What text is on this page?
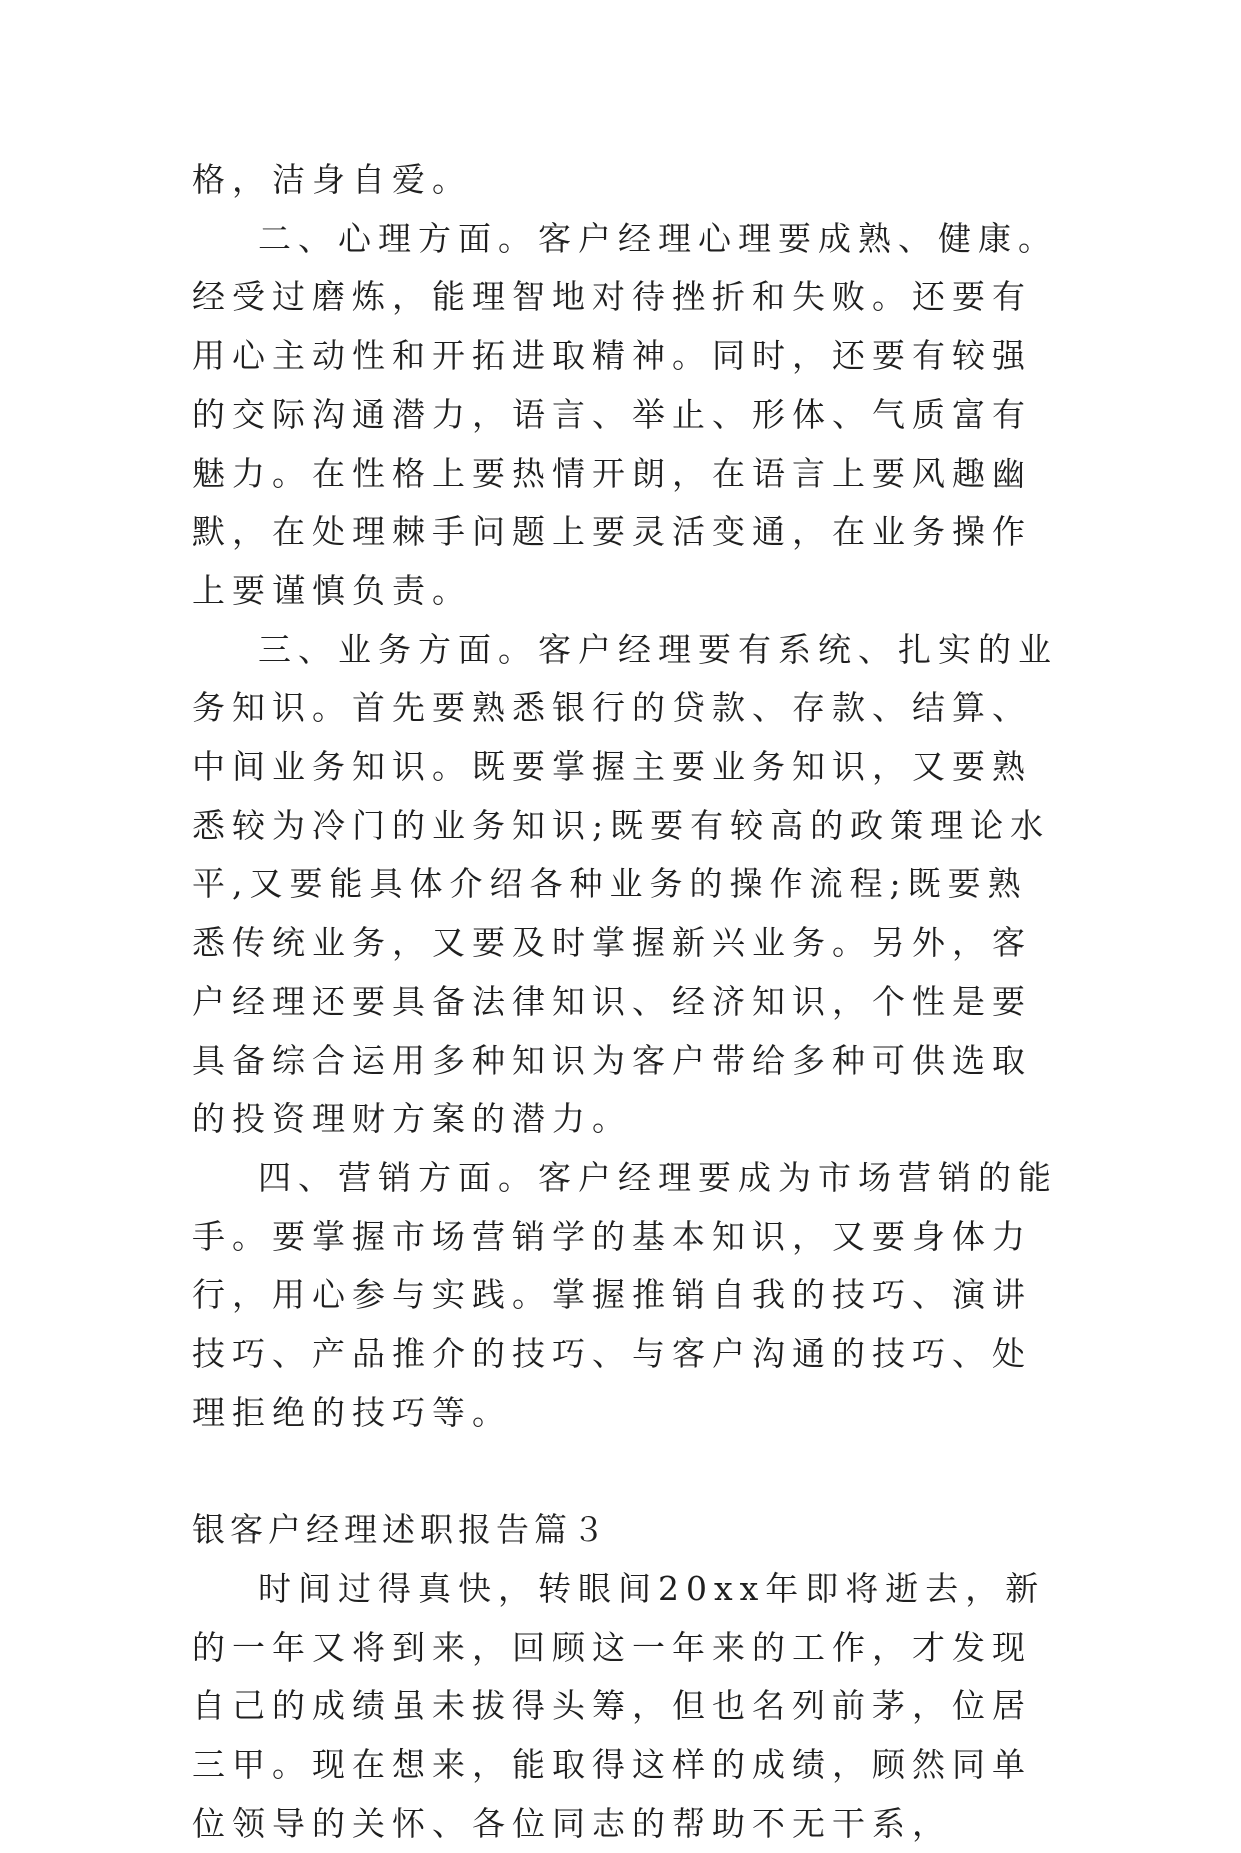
格，洁身自爱。

二、心理方面。客户经理心理要成熟、健康。经受过磨炼，能理智地对待挫折和失败。还要有用心主动性和开拓进取精神。同时，还要有较强的交际沟通潜力，语言、举止、形体、气质富有魅力。在性格上要热情开朗，在语言上要风趣幽默，在处理棘手问题上要灵活变通，在业务操作上要谨慎负责。

三、业务方面。客户经理要有系统、扎实的业务知识。首先要熟悉银行的贷款、存款、结算、中间业务知识。既要掌握主要业务知识，又要熟悉较为冷门的业务知识;既要有较高的政策理论水平,又要能具体介绍各种业务的操作流程;既要熟悉传统业务，又要及时掌握新兴业务。另外，客户经理还要具备法律知识、经济知识，个性是要具备综合运用多种知识为客户带给多种可供选取的投资理财方案的潜力。

四、营销方面。客户经理要成为市场营销的能手。要掌握市场营销学的基本知识，又要身体力行，用心参与实践。掌握推销自我的技巧、演讲技巧、产品推介的技巧、与客户沟通的技巧、处理拒绝的技巧等。

银客户经理述职报告篇３

时间过得真快，转眼间20xx年即将逝去，新的一年又将到来，回顾这一年来的工作，才发现自己的成绩虽未拔得头筹，但也名列前茅，位居三甲。现在想来，能取得这样的成绩，顾然同单位领导的关怀、各位同志的帮助不无干系，
